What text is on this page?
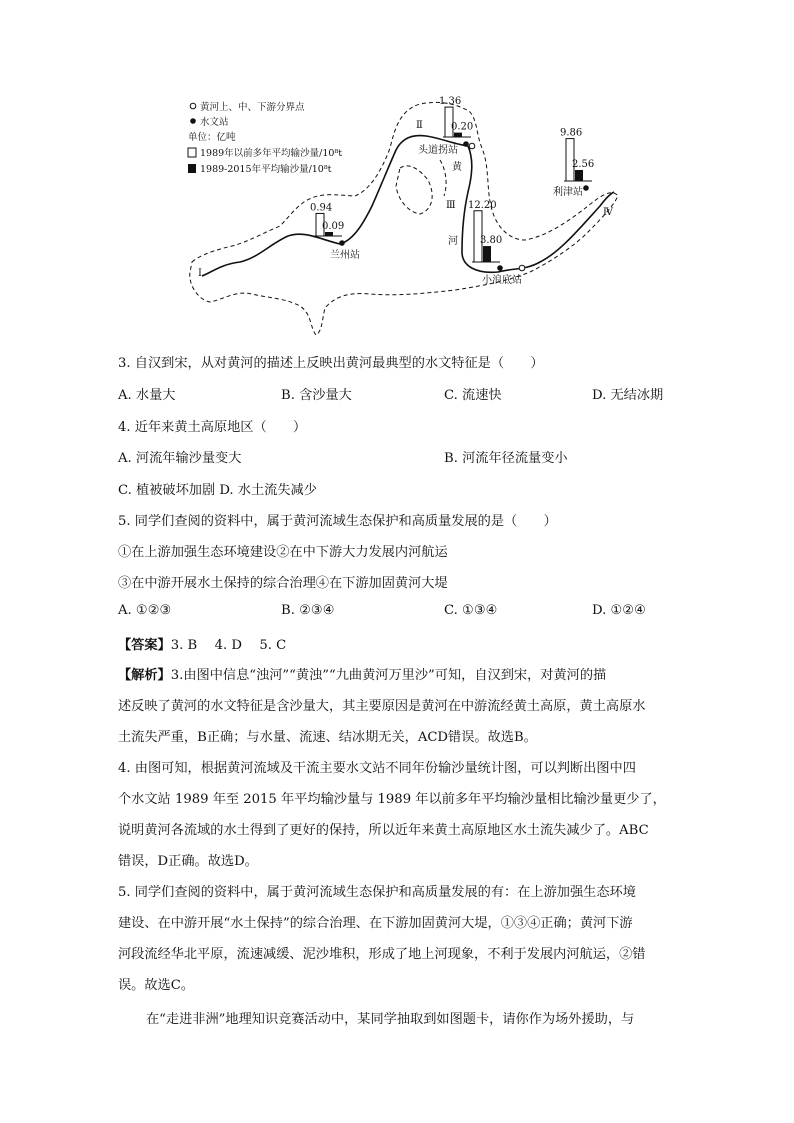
黄河上、中、下游分界点
水文站
单位：亿吨
1989年以前多年平均输沙量/10⁸t
1989-2015年平均输沙量/10⁸t
Ⅰ
Ⅱ
Ⅲ
Ⅳ
黄
河
0.94
0.09
兰州站
1.36
0.20
头道拐站
12.20
3.80
小浪底站
9.86
2.56
利津站
3. 自汉到宋，从对黄河的描述上反映出黄河最典型的水文特征是（　　）
A. 水量大	B. 含沙量大	C. 流速快	D. 无结冰期
4. 近年来黄土高原地区（　　）
A. 河流年输沙量变大	B. 河流年径流量变小
C. 植被破坏加剧 D. 水土流失减少
5. 同学们查阅的资料中，属于黄河流域生态保护和高质量发展的是（　　）
①在上游加强生态环境建设②在中下游大力发展内河航运
③在中游开展水土保持的综合治理④在下游加固黄河大堤
A. ①②③	B. ②③④	C. ①③④	D. ①②④
【答案】3. B　 4. D　 5. C
【解析】3.由图中信息“浊河”“黄浊”“九曲黄河万里沙”可知，自汉到宋，对黄河的描
述反映了黄河的水文特征是含沙量大，其主要原因是黄河在中游流经黄土高原，黄土高原水
土流失严重，B正确；与水量、流速、结冰期无关，ACD错误。故选B。
4. 由图可知，根据黄河流域及干流主要水文站不同年份输沙量统计图，可以判断出图中四
个水文站 1989 年至 2015 年平均输沙量与 1989 年以前多年平均输沙量相比输沙量更少了，
说明黄河各流域的水土得到了更好的保持，所以近年来黄土高原地区水土流失减少了。ABC
错误，D正确。故选D。
5. 同学们查阅的资料中，属于黄河流域生态保护和高质量发展的有：在上游加强生态环境
建设、在中游开展“水土保持”的综合治理、在下游加固黄河大堤，①③④正确；黄河下游
河段流经华北平原，流速减缓、泥沙堆积，形成了地上河现象，不利于发展内河航运，②错
误。故选C。
在“走进非洲”地理知识竞赛活动中，某同学抽取到如图题卡，请你作为场外援助，与
